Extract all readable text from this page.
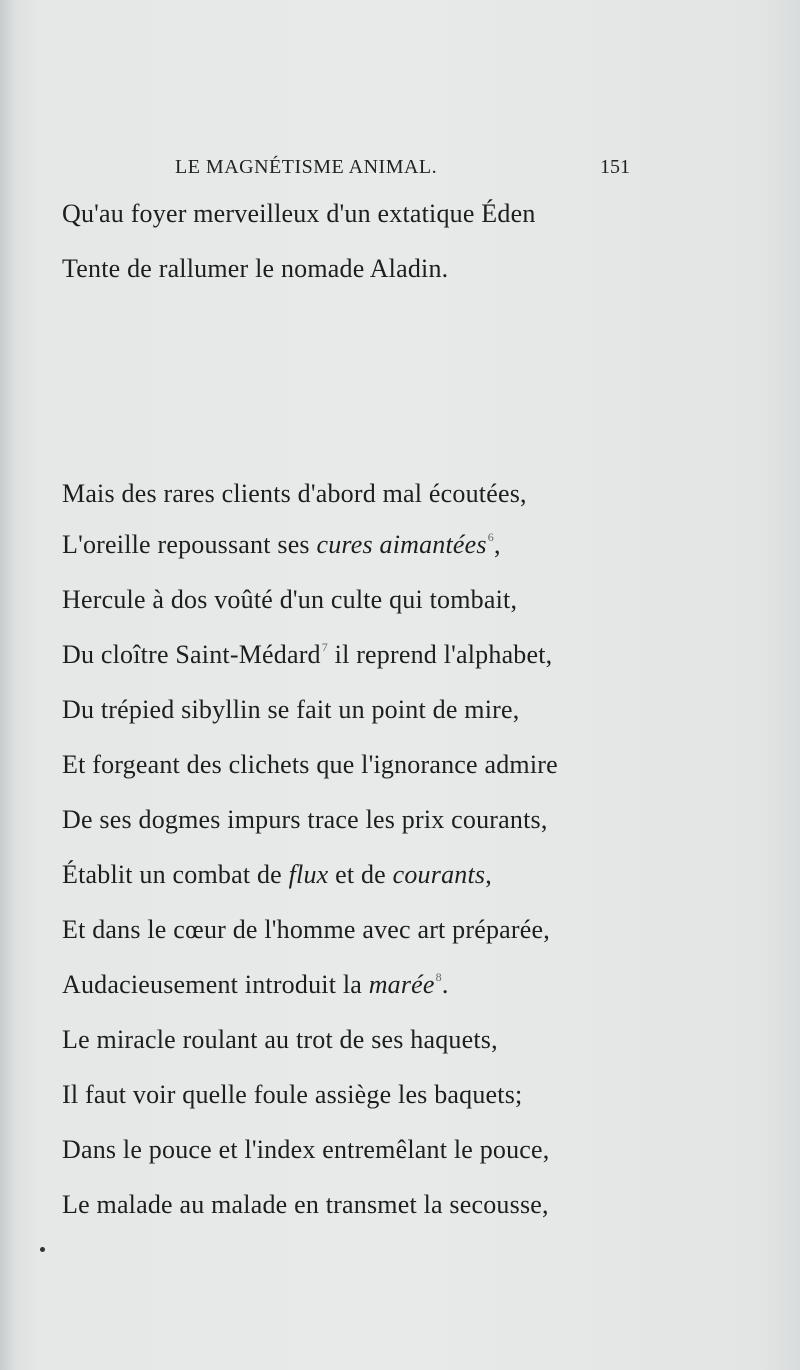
LE MAGNÉTISME ANIMAL.	151
Qu'au foyer merveilleux d'un extatique Éden
Tente de rallumer le nomade Aladin.
Mais des rares clients d'abord mal écoutées,
L'oreille repoussant ses cures aimantées$^6$,
Hercule à dos voûté d'un culte qui tombait,
Du cloître Saint-Médard$^7$ il reprend l'alphabet,
Du trépied sibyllin se fait un point de mire,
Et forgeant des clichets que l'ignorance admire
De ses dogmes impurs trace les prix courants,
Établit un combat de flux et de courants,
Et dans le cœur de l'homme avec art préparée,
Audacieusement introduit la marée$^8$.
Le miracle roulant au trot de ses haquets,
Il faut voir quelle foule assiège les baquets;
Dans le pouce et l'index entremêlant le pouce,
Le malade au malade en transmet la secousse,
